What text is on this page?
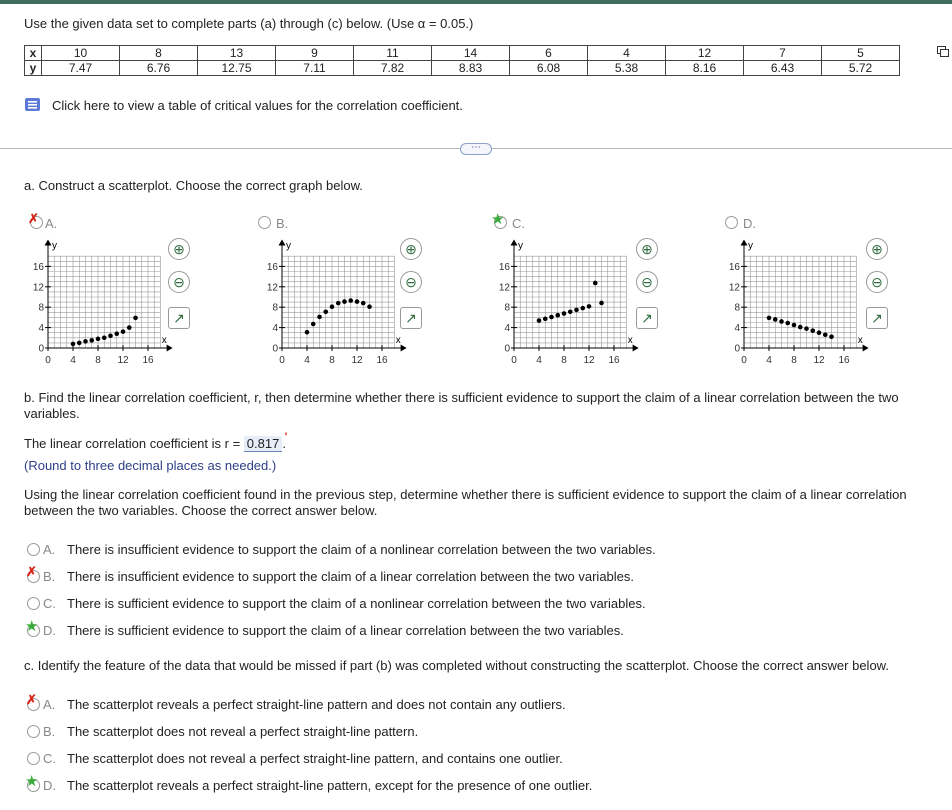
Use the given data set to complete parts (a) through (c) below. (Use α = 0.05.)
x	10	8	13	9	11	14	6	4	12	7	5
y	7.47	6.76	12.75	7.11	7.82	8.83	6.08	5.38	8.16	6.43	5.72
Click here to view a table of critical values for the correlation coefficient.
⋯
a. Construct a scatterplot. Choose the correct graph below.
✗ A.	B.	★ C.	D.
y
x
16
12
8
4
0
0 4 8 12 16
y
x
16
12
8
4
0
0 4 8 12 16
y
x
16
12
8
4
0
0 4 8 12 16
y
x
16
12
8
4
0
0 4 8 12 16
⊕
⊖
↗
⊕
⊖
↗
⊕
⊖
↗
⊕
⊖
↗
b. Find the linear correlation coefficient, r, then determine whether there is sufficient evidence to support the claim of a linear correlation between the two variables.
The linear correlation coefficient is r = 0.817 '
.
(Round to three decimal places as needed.)
Using the linear correlation coefficient found in the previous step, determine whether there is sufficient evidence to support the claim of a linear correlation between the two variables. Choose the correct answer below.
A. There is insufficient evidence to support the claim of a nonlinear correlation between the two variables.
✗ B. There is insufficient evidence to support the claim of a linear correlation between the two variables.
C. There is sufficient evidence to support the claim of a nonlinear correlation between the two variables.
★ D. There is sufficient evidence to support the claim of a linear correlation between the two variables.
c. Identify the feature of the data that would be missed if part (b) was completed without constructing the scatterplot. Choose the correct answer below.
✗ A. The scatterplot reveals a perfect straight-line pattern and does not contain any outliers.
B. The scatterplot does not reveal a perfect straight-line pattern.
C. The scatterplot does not reveal a perfect straight-line pattern, and contains one outlier.
★ D. The scatterplot reveals a perfect straight-line pattern, except for the presence of one outlier.
